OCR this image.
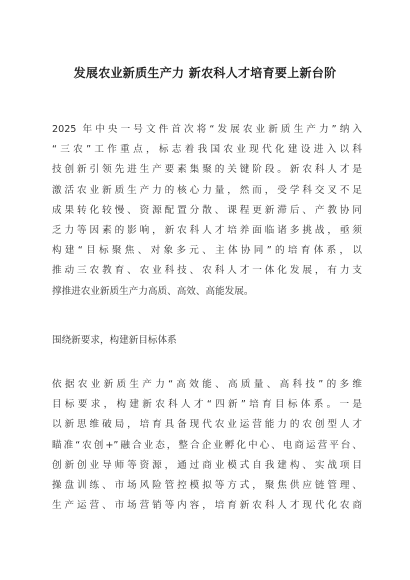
发展农业新质生产力 新农科人才培育要上新台阶
2025 年中央一号文件首次将“发展农业新质生产力”纳入
“三农”工作重点，标志着我国农业现代化建设进入以科
技创新引领先进生产要素集聚的关键阶段。新农科人才是
激活农业新质生产力的核心力量，然而，受学科交叉不足
成果转化较慢、资源配置分散、课程更新滞后、产教协同
乏力等因素的影响，新农科人才培养面临诸多挑战，亟须
构建“目标聚焦、对象多元、主体协同”的培育体系，以
推动三农教育、农业科技、农科人才一体化发展，有力支
撑推进农业新质生产力高质、高效、高能发展。
围绕新要求，构建新目标体系
依据农业新质生产力“高效能、高质量、高科技”的多维
目标要求，构建新农科人才“四新”培育目标体系。一是
以新思维破局，培育具备现代农业运营能力的农创型人才
瞄准“农创+”融合业态，整合企业孵化中心、电商运营平台、
创新创业导师等资源，通过商业模式自我建构、实战项目
操盘训练、市场风险管控模拟等方式，聚焦供应链管理、
生产运营、市场营销等内容，培育新农科人才现代化农商
